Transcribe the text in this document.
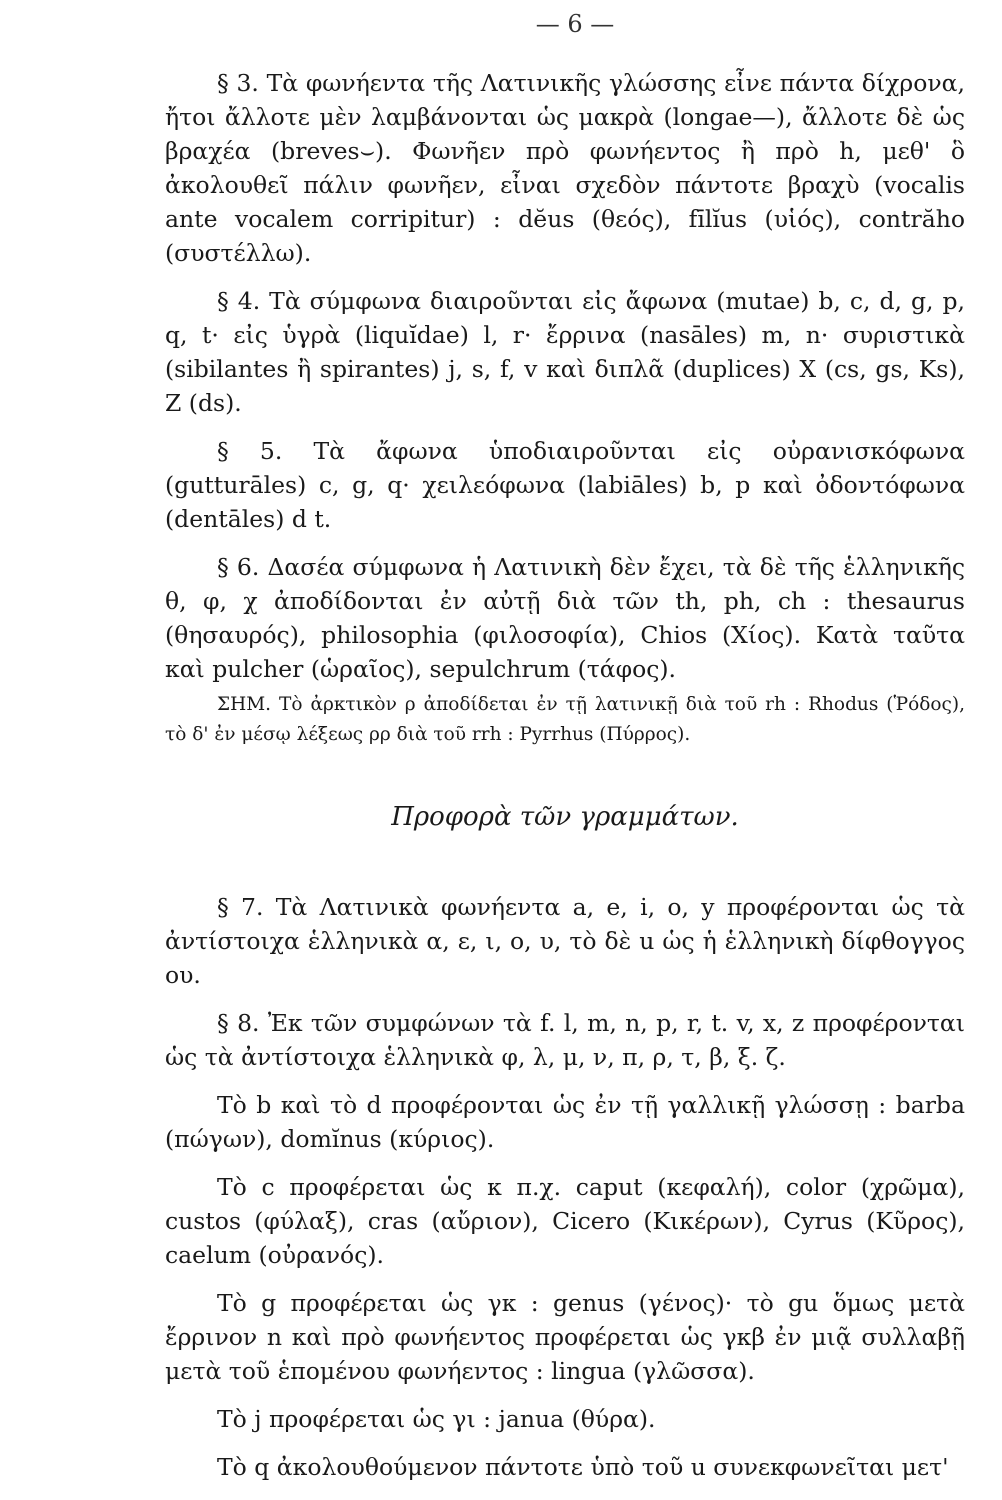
— 6 —

§ 3. Τὰ φωνήεντα τῆς Λατινικῆς γλώσσης εἶνε πάντα δίχρονα, ἤτοι ἄλλοτε μὲν λαμβάνονται ὡς μακρὰ (longae—), ἄλλοτε δὲ ὡς βραχέα (breves⌣). Φωνῆεν πρὸ φωνήεντος ἢ πρὸ h, μεθ' ὃ ἀκολουθεῖ πάλιν φωνῆεν, εἶναι σχεδὸν πάντοτε βραχὺ (vocalis ante vocalem corripitur) : dĕus (θεός), fīlĭus (υἱός), contrăho (συστέλλω).

§ 4. Τὰ σύμφωνα διαιροῦνται εἰς ἄφωνα (mutae) b, c, d, g, p, q, t· εἰς ὑγρὰ (liquĭdae) l, r· ἔρρινα (nasāles) m, n· συριστικὰ (sibilantes ἢ spirantes) j, s, f, v καὶ διπλᾶ (duplices) X (cs, gs, Ks), Z (ds).

§ 5. Τὰ ἄφωνα ὑποδιαιροῦνται εἰς οὐρανισκόφωνα (gutturāles) c, g, q· χειλεόφωνα (labiāles) b, p καὶ ὀδοντόφωνα (dentāles) d t.

§ 6. Δασέα σύμφωνα ἡ Λατινικὴ δὲν ἔχει, τὰ δὲ τῆς ἑλληνικῆς θ, φ, χ ἀποδίδονται ἐν αὐτῇ διὰ τῶν th, ph, ch : thesaurus (θησαυρός), philosophia (φιλοσοφία), Chios (Χίος). Κατὰ ταῦτα καὶ pulcher (ὡραῖος), sepulchrum (τάφος).

ΣΗΜ. Τὸ ἀρκτικὸν ρ ἀποδίδεται ἐν τῇ λατινικῇ διὰ τοῦ rh : Rhodus (Ῥόδος), τὸ δ' ἐν μέσῳ λέξεως ρρ διὰ τοῦ rrh : Pyrrhus (Πύρρος).

Προφορὰ τῶν γραμμάτων.

§ 7. Τὰ Λατινικὰ φωνήεντα a, e, i, o, y προφέρονται ὡς τὰ ἀντίστοιχα ἑλληνικὰ α, ε, ι, ο, υ, τὸ δὲ u ὡς ἡ ἑλληνικὴ δίφθογγος ου.

§ 8. Ἐκ τῶν συμφώνων τὰ f. l, m, n, p, r, t. v, x, z προφέρονται ὡς τὰ ἀντίστοιχα ἑλληνικὰ φ, λ, μ, ν, π, ρ, τ, β, ξ. ζ.

Τὸ b καὶ τὸ d προφέρονται ὡς ἐν τῇ γαλλικῇ γλώσσῃ : barba (πώγων), domĭnus (κύριος).

Τὸ c προφέρεται ὡς κ π.χ. caput (κεφαλή), color (χρῶμα), custos (φύλαξ), cras (αὔριον), Cicero (Κικέρων), Cyrus (Κῦρος), caelum (οὐρανός).

Τὸ g προφέρεται ὡς γκ : genus (γένος)· τὸ gu ὅμως μετὰ ἔρρινον n καὶ πρὸ φωνήεντος προφέρεται ὡς γκβ ἐν μιᾷ συλλαβῇ μετὰ τοῦ ἑπομένου φωνήεντος : lingua (γλῶσσα).

Τὸ j προφέρεται ὡς γι : janua (θύρα).

Τὸ q ἀκολουθούμενον πάντοτε ὑπὸ τοῦ u συνεκφωνεῖται μετ'
